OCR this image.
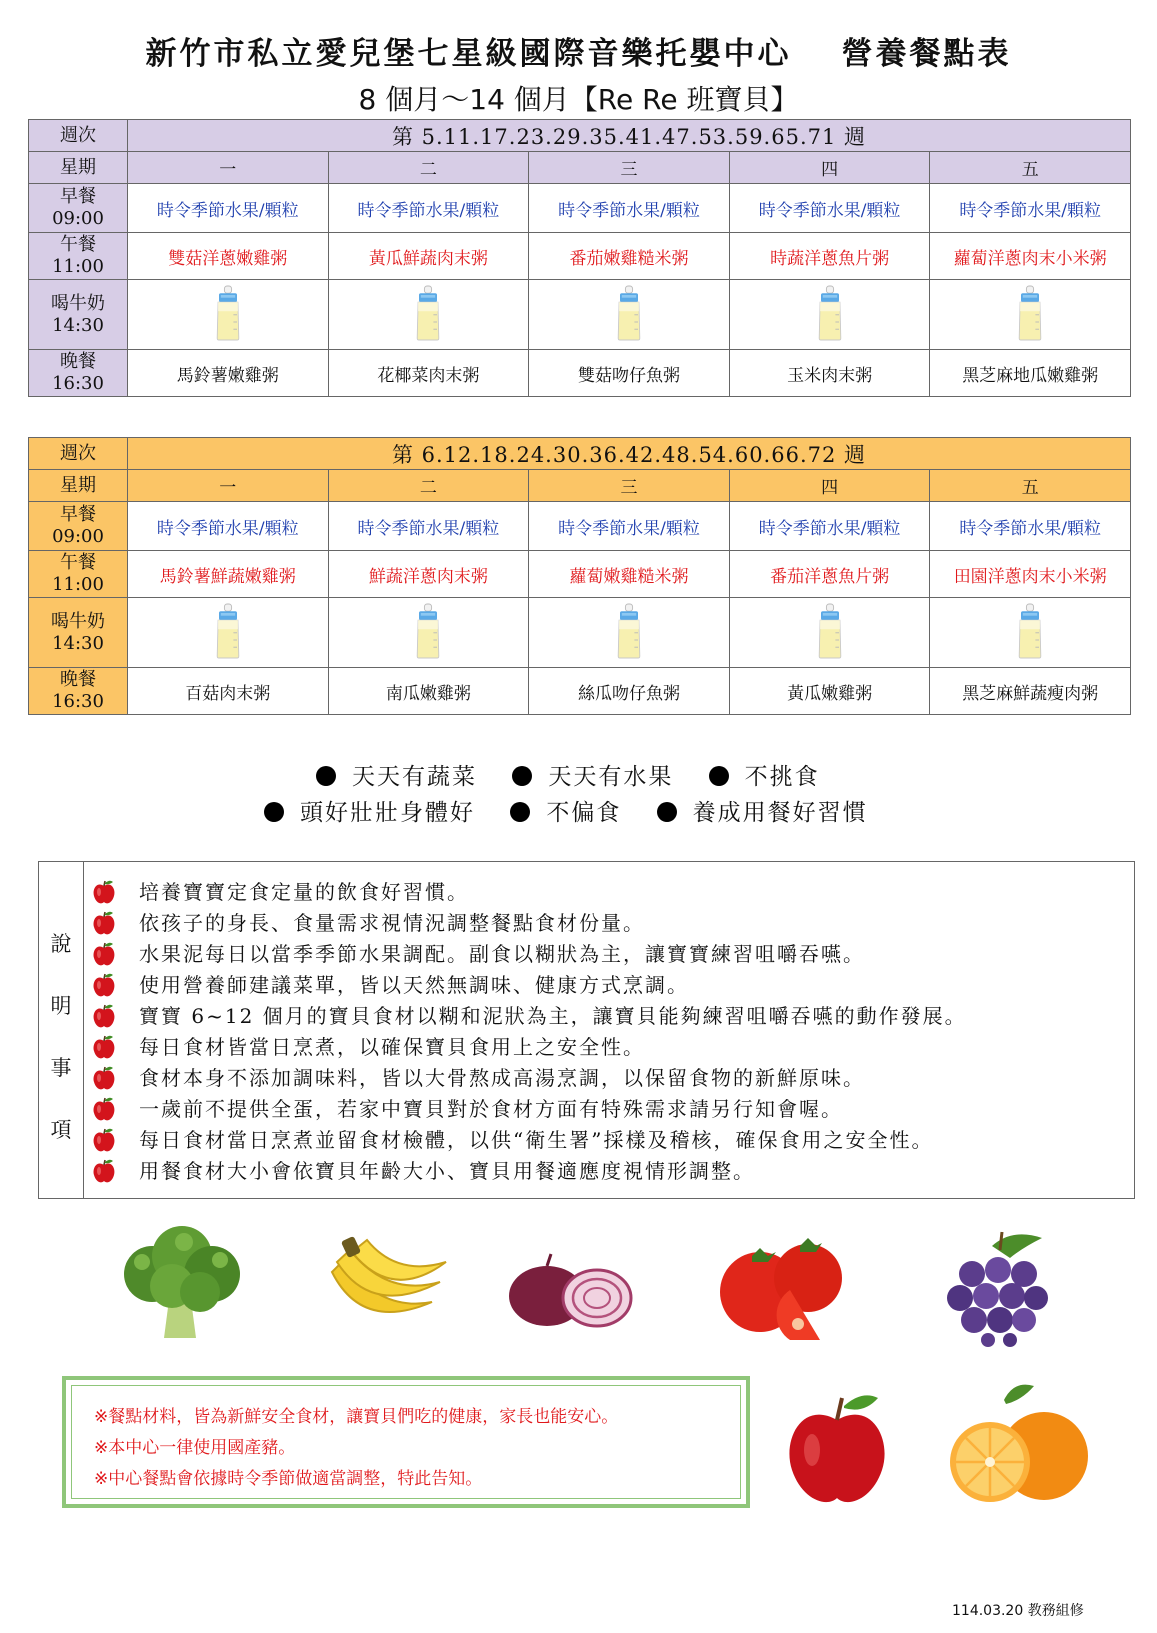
新竹市私立愛兒堡七星級國際音樂托嬰中心 營養餐點表
8 個月～14 個月【Re Re 班寶貝】
週次	第 5.11.17.23.29.35.41.47.53.59.65.71 週				
星期	一	二	三	四	五
早餐
09:00	時令季節水果/顆粒	時令季節水果/顆粒	時令季節水果/顆粒	時令季節水果/顆粒	時令季節水果/顆粒
午餐
11:00	雙菇洋蔥嫩雞粥	黃瓜鮮蔬肉末粥	番茄嫩雞糙米粥	時蔬洋蔥魚片粥	蘿蔔洋蔥肉末小米粥
喝牛奶
14:30					
晚餐
16:30	馬鈴薯嫩雞粥	花椰菜肉末粥	雙菇吻仔魚粥	玉米肉末粥	黑芝麻地瓜嫩雞粥
週次	第 6.12.18.24.30.36.42.48.54.60.66.72 週				
星期	一	二	三	四	五
早餐
09:00	時令季節水果/顆粒	時令季節水果/顆粒	時令季節水果/顆粒	時令季節水果/顆粒	時令季節水果/顆粒
午餐
11:00	馬鈴薯鮮蔬嫩雞粥	鮮蔬洋蔥肉末粥	蘿蔔嫩雞糙米粥	番茄洋蔥魚片粥	田園洋蔥肉末小米粥
喝牛奶
14:30					
晚餐
16:30	百菇肉末粥	南瓜嫩雞粥	絲瓜吻仔魚粥	黃瓜嫩雞粥	黑芝麻鮮蔬瘦肉粥
天天有蔬菜	天天有水果	不挑食
頭好壯壯身體好	不偏食	養成用餐好習慣
說
明
事
項
培養寶寶定食定量的飲食好習慣。
依孩子的身長、食量需求視情況調整餐點食材份量。
水果泥每日以當季季節水果調配。副食以糊狀為主，讓寶寶練習咀嚼吞嚥。
使用營養師建議菜單，皆以天然無調味、健康方式烹調。
寶寶 6~12 個月的寶貝食材以糊和泥狀為主，讓寶貝能夠練習咀嚼吞嚥的動作發展。
每日食材皆當日烹煮，以確保寶貝食用上之安全性。
食材本身不添加調味料，皆以大骨熬成高湯烹調，以保留食物的新鮮原味。
一歲前不提供全蛋，若家中寶貝對於食材方面有特殊需求請另行知會喔。
每日食材當日烹煮並留食材檢體，以供“衛生署”採樣及稽核，確保食用之安全性。
用餐食材大小會依寶貝年齡大小、寶貝用餐適應度視情形調整。

※餐點材料，皆為新鮮安全食材，讓寶貝們吃的健康，家長也能安心。

※本中心一律使用國產豬。

※中心餐點會依據時令季節做適當調整，特此告知。

114.03.20 教務組修
